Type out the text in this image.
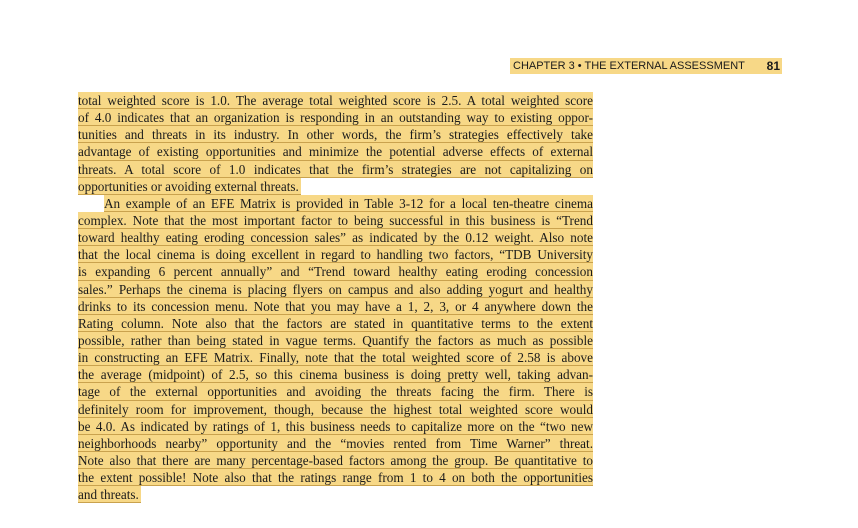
CHAPTER 3 • THE EXTERNAL ASSESSMENT 81
total weighted score is 1.0. The average total weighted score is 2.5. A total weighted score
of 4.0 indicates that an organization is responding in an outstanding way to existing oppor-
tunities and threats in its industry. In other words, the firm’s strategies effectively take
advantage of existing opportunities and minimize the potential adverse effects of external
threats. A total score of 1.0 indicates that the firm’s strategies are not capitalizing on
opportunities or avoiding external threats.
An example of an EFE Matrix is provided in Table 3-12 for a local ten-theatre cinema
complex. Note that the most important factor to being successful in this business is “Trend
toward healthy eating eroding concession sales” as indicated by the 0.12 weight. Also note
that the local cinema is doing excellent in regard to handling two factors, “TDB University
is expanding 6 percent annually” and “Trend toward healthy eating eroding concession
sales.” Perhaps the cinema is placing flyers on campus and also adding yogurt and healthy
drinks to its concession menu. Note that you may have a 1, 2, 3, or 4 anywhere down the
Rating column. Note also that the factors are stated in quantitative terms to the extent
possible, rather than being stated in vague terms. Quantify the factors as much as possible
in constructing an EFE Matrix. Finally, note that the total weighted score of 2.58 is above
the average (midpoint) of 2.5, so this cinema business is doing pretty well, taking advan-
tage of the external opportunities and avoiding the threats facing the firm. There is
definitely room for improvement, though, because the highest total weighted score would
be 4.0. As indicated by ratings of 1, this business needs to capitalize more on the “two new
neighborhoods nearby” opportunity and the “movies rented from Time Warner” threat.
Note also that there are many percentage-based factors among the group. Be quantitative to
the extent possible! Note also that the ratings range from 1 to 4 on both the opportunities
and threats.
